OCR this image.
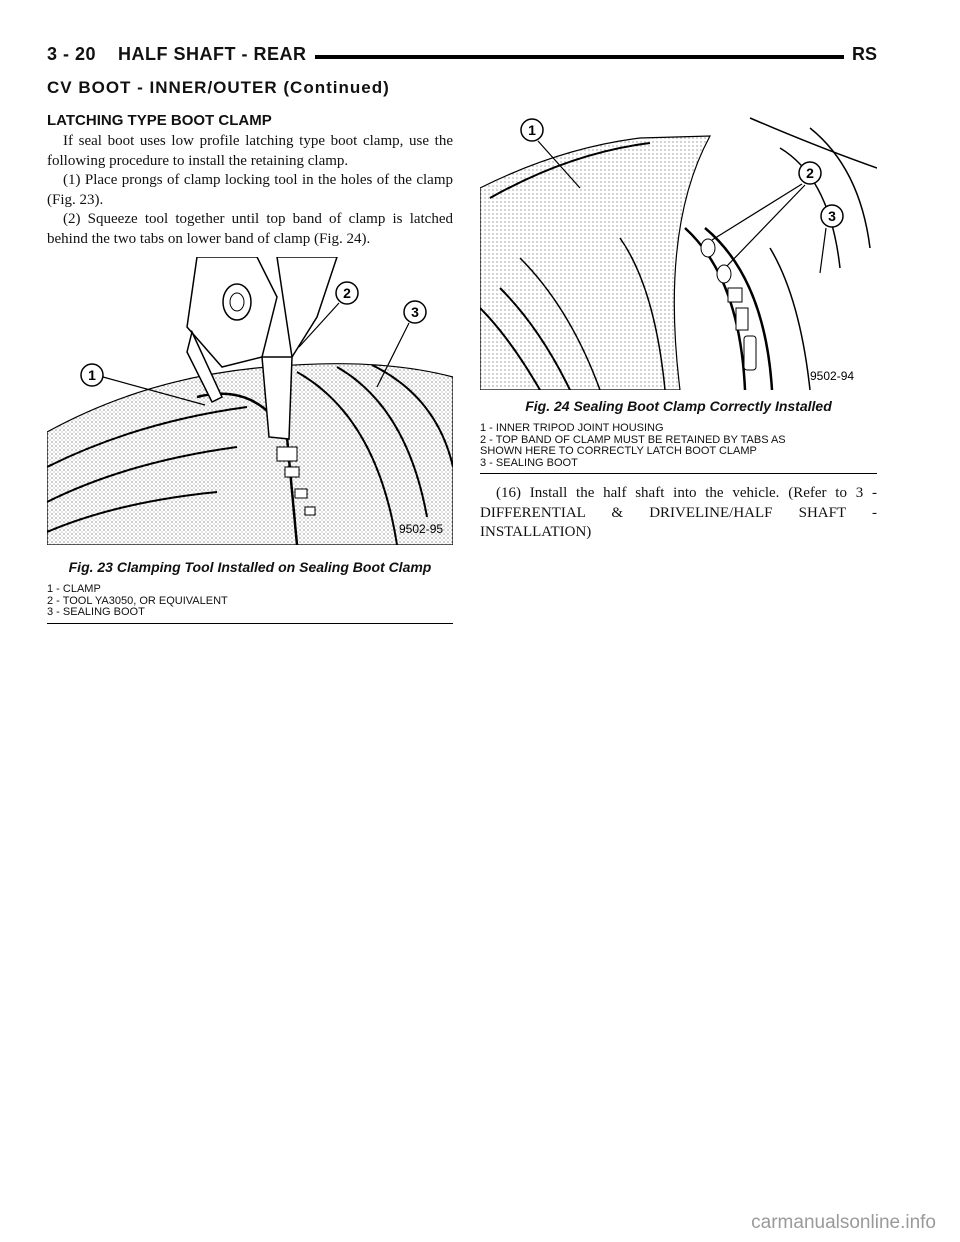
3 - 20    HALF SHAFT - REAR	RS
CV BOOT - INNER/OUTER (Continued)
LATCHING TYPE BOOT CLAMP

If seal boot uses low profile latching type boot clamp, use the following procedure to install the retaining clamp.

(1) Place prongs of clamp locking tool in the holes of the clamp (Fig. 23).

(2) Squeeze tool together until top band of clamp is latched behind the two tabs on lower band of clamp (Fig. 24).

1
2
3
9502-95
Fig. 23 Clamping Tool Installed on Sealing Boot Clamp
1 - CLAMP
2 - TOOL YA3050, OR EQUIVALENT
3 - SEALING BOOT
1
2
3
9502-94
Fig. 24 Sealing Boot Clamp Correctly Installed
1 - INNER TRIPOD JOINT HOUSING
2 - TOP BAND OF CLAMP MUST BE RETAINED BY TABS AS
SHOWN HERE TO CORRECTLY LATCH BOOT CLAMP
3 - SEALING BOOT

(16) Install the half shaft into the vehicle. (Refer to 3 - DIFFERENTIAL & DRIVELINE/HALF SHAFT - INSTALLATION)

carmanualsonline.info
